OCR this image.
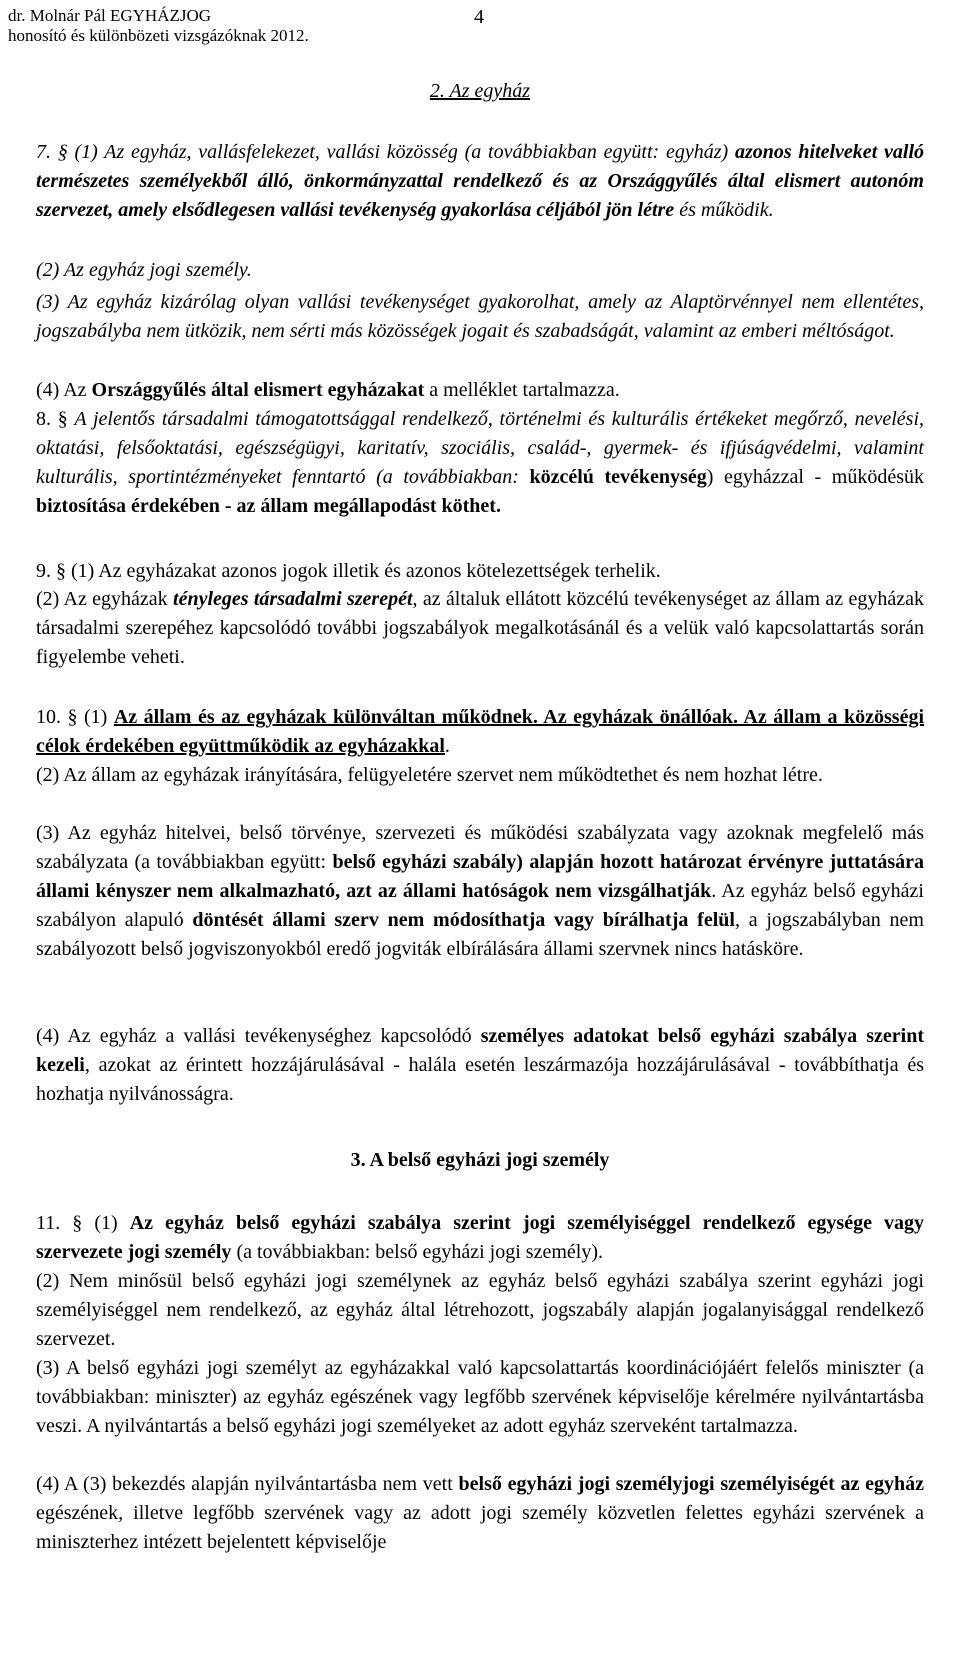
dr. Molnár Pál EGYHÁZJOG
honosító és különbözeti vizsgázóknak 2012.
4
2. Az egyház
7. § (1) Az egyház, vallásfelekezet, vallási közösség (a továbbiakban együtt: egyház) azonos hitelveket valló természetes személyekből álló, önkormányzattal rendelkező és az Országgyűlés által elismert autonóm szervezet, amely elsődlegesen vallási tevékenység gyakorlása céljából jön létre és működik.
(2) Az egyház jogi személy.
(3) Az egyház kizárólag olyan vallási tevékenységet gyakorolhat, amely az Alaptörvénnyel nem ellentétes, jogszabályba nem ütközik, nem sérti más közösségek jogait és szabadságát, valamint az emberi méltóságot.
(4) Az Országgyűlés által elismert egyházakat a melléklet tartalmazza.
8. § A jelentős társadalmi támogatottsággal rendelkező, történelmi és kulturális értékeket megőrző, nevelési, oktatási, felsőoktatási, egészségügyi, karitatív, szociális, család-, gyermek- és ifjúságvédelmi, valamint kulturális, sportintézményeket fenntartó (a továbbiakban: közcélú tevékenység) egyházzal - működésük biztosítása érdekében - az állam megállapodást köthet.
9. § (1) Az egyházakat azonos jogok illetik és azonos kötelezettségek terhelik.
(2) Az egyházak tényleges társadalmi szerepét, az általuk ellátott közcélú tevékenységet az állam az egyházak társadalmi szerepéhez kapcsolódó további jogszabályok megalkotásánál és a velük való kapcsolattartás során figyelembe veheti.
10. § (1) Az állam és az egyházak különváltan működnek. Az egyházak önállóak. Az állam a közösségi célok érdekében együttműködik az egyházakkal.
(2) Az állam az egyházak irányítására, felügyeletére szervet nem működtethet és nem hozhat létre.
(3) Az egyház hitelvei, belső törvénye, szervezeti és működési szabályzata vagy azoknak megfelelő más szabályzata (a továbbiakban együtt: belső egyházi szabály) alapján hozott határozat érvényre juttatására állami kényszer nem alkalmazható, azt az állami hatóságok nem vizsgálhatják. Az egyház belső egyházi szabályon alapuló döntését állami szerv nem módosíthatja vagy bírálhatja felül, a jogszabályban nem szabályozott belső jogviszonyokból eredő jogviták elbírálására állami szervnek nincs hatásköre.
(4) Az egyház a vallási tevékenységhez kapcsolódó személyes adatokat belső egyházi szabálya szerint kezeli, azokat az érintett hozzájárulásával - halála esetén leszármazója hozzájárulásával - továbbíthatja és hozhatja nyilvánosságra.
3. A belső egyházi jogi személy
11. § (1) Az egyház belső egyházi szabálya szerint jogi személyiséggel rendelkező egysége vagy szervezete jogi személy (a továbbiakban: belső egyházi jogi személy).
(2) Nem minősül belső egyházi jogi személynek az egyház belső egyházi szabálya szerint egyházi jogi személyiséggel nem rendelkező, az egyház által létrehozott, jogszabály alapján jogalanyisággal rendelkező szervezet.
(3) A belső egyházi jogi személyt az egyházakkal való kapcsolattartás koordinációjáért felelős miniszter (a továbbiakban: miniszter) az egyház egészének vagy legfőbb szervének képviselője kérelmére nyilvántartásba veszi. A nyilvántartás a belső egyházi jogi személyeket az adott egyház szerveként tartalmazza.
(4) A (3) bekezdés alapján nyilvántartásba nem vett belső egyházi jogi személyjogi személyiségét az egyház egészének, illetve legfőbb szervének vagy az adott jogi személy közvetlen felettes egyházi szervének a miniszterhez intézett bejelentett képviselője
